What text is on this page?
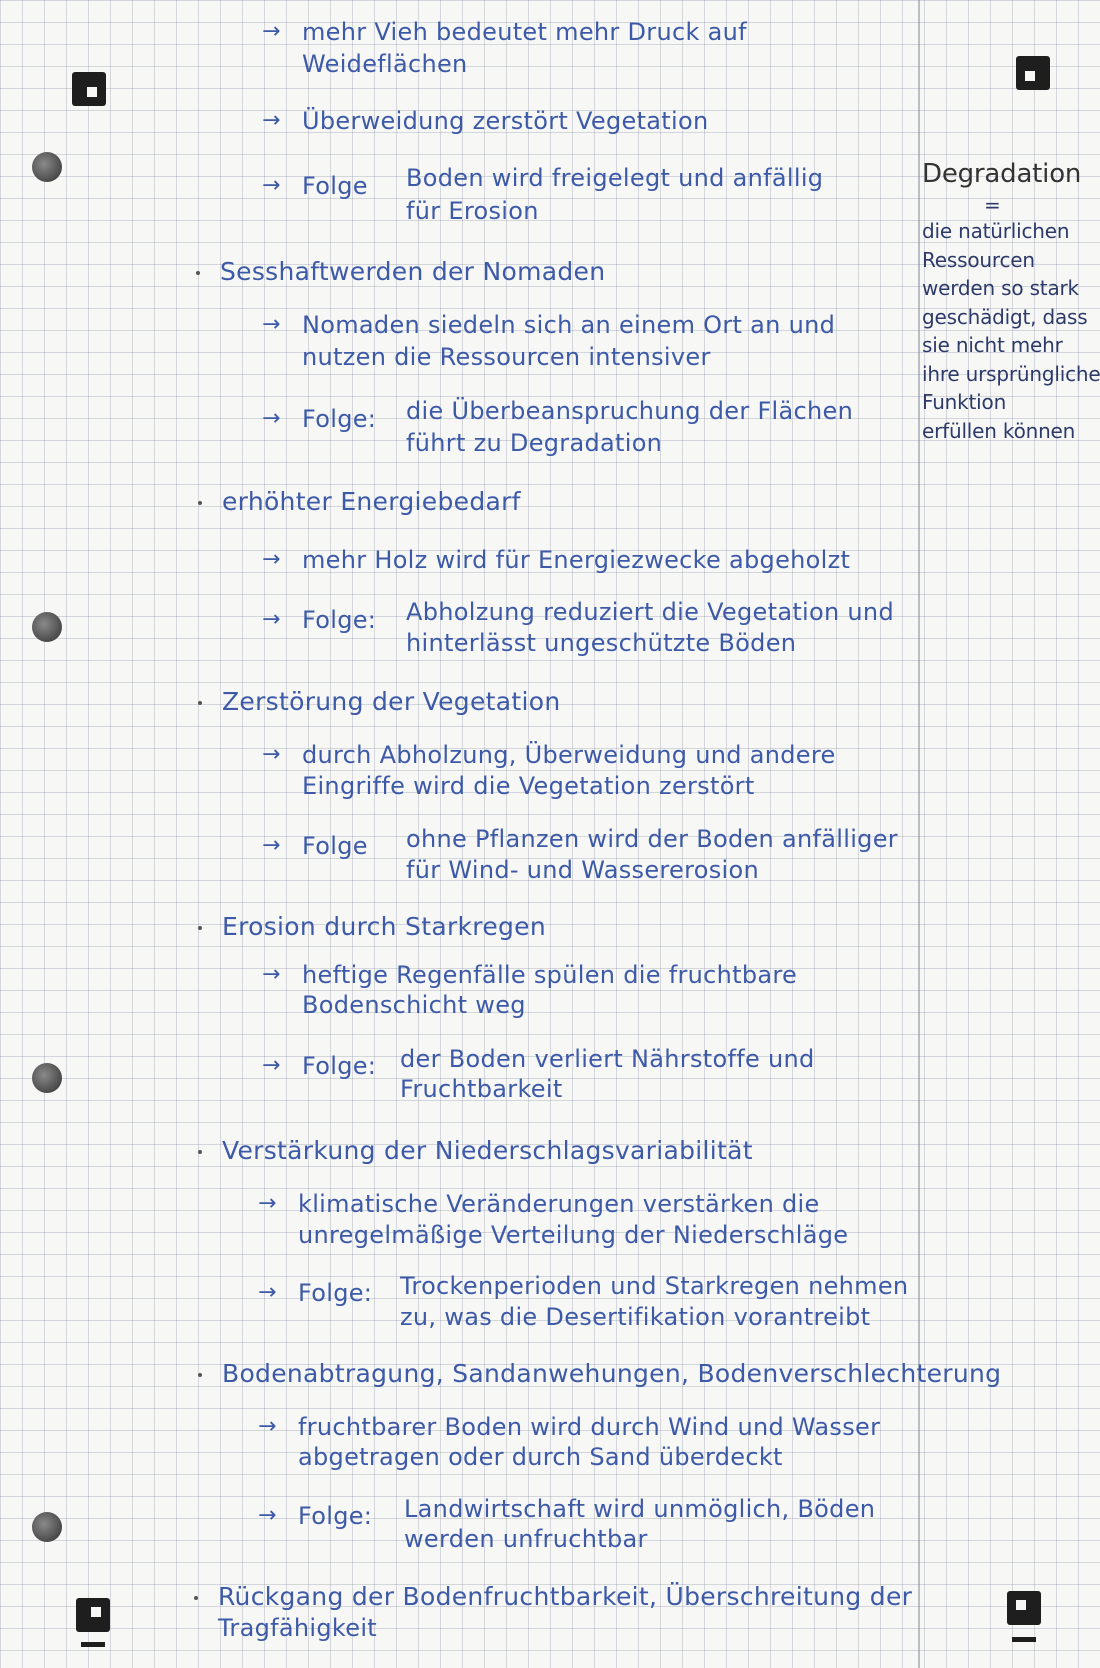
→ mehr Vieh bedeutet mehr Druck auf
Weideflächen
→ Überweidung zerstört Vegetation
→ Folge Boden wird freigelegt und anfällig
für Erosion
Sesshaftwerden der Nomaden
→ Nomaden siedeln sich an einem Ort an und
nutzen die Ressourcen intensiver
→ Folge: die Überbeanspruchung der Flächen
führt zu Degradation
erhöhter Energiebedarf
→ mehr Holz wird für Energiezwecke abgeholzt
→ Folge: Abholzung reduziert die Vegetation und
hinterlässt ungeschützte Böden
Zerstörung der Vegetation
→ durch Abholzung, Überweidung und andere
Eingriffe wird die Vegetation zerstört
→ Folge ohne Pflanzen wird der Boden anfälliger
für Wind- und Wassererosion
Erosion durch Starkregen
→ heftige Regenfälle spülen die fruchtbare
Bodenschicht weg
→ Folge: der Boden verliert Nährstoffe und
Fruchtbarkeit
Verstärkung der Niederschlagsvariabilität
→ klimatische Veränderungen verstärken die
unregelmäßige Verteilung der Niederschläge
→ Folge: Trockenperioden und Starkregen nehmen
zu, was die Desertifikation vorantreibt
Bodenabtragung, Sandanwehungen, Bodenverschlechterung
→ fruchtbarer Boden wird durch Wind und Wasser
abgetragen oder durch Sand überdeckt
→ Folge: Landwirtschaft wird unmöglich, Böden
werden unfruchtbar
Rückgang der Bodenfruchtbarkeit, Überschreitung der
Tragfähigkeit
Degradation
=
die natürlichen
Ressourcen
werden so stark
geschädigt, dass
sie nicht mehr
ihre ursprüngliche
Funktion
erfüllen können
